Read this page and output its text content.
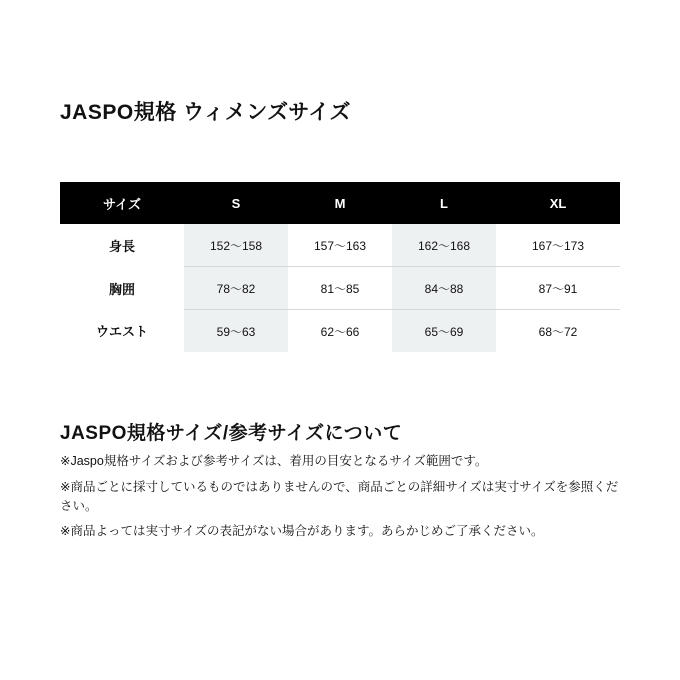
JASPO規格 ウィメンズサイズ
サイズ	S	M	L	XL
身長	152〜158	157〜163	162〜168	167〜173
胸囲	78〜82	81〜85	84〜88	87〜91
ウエスト	59〜63	62〜66	65〜69	68〜72
JASPO規格サイズ/参考サイズについて

※Jaspo規格サイズおよび参考サイズは、着用の目安となるサイズ範囲です。

※商品ごとに採寸しているものではありませんので、商品ごとの詳細サイズは実寸サイズを参照ください。

※商品よっては実寸サイズの表記がない場合があります。あらかじめご了承ください。
